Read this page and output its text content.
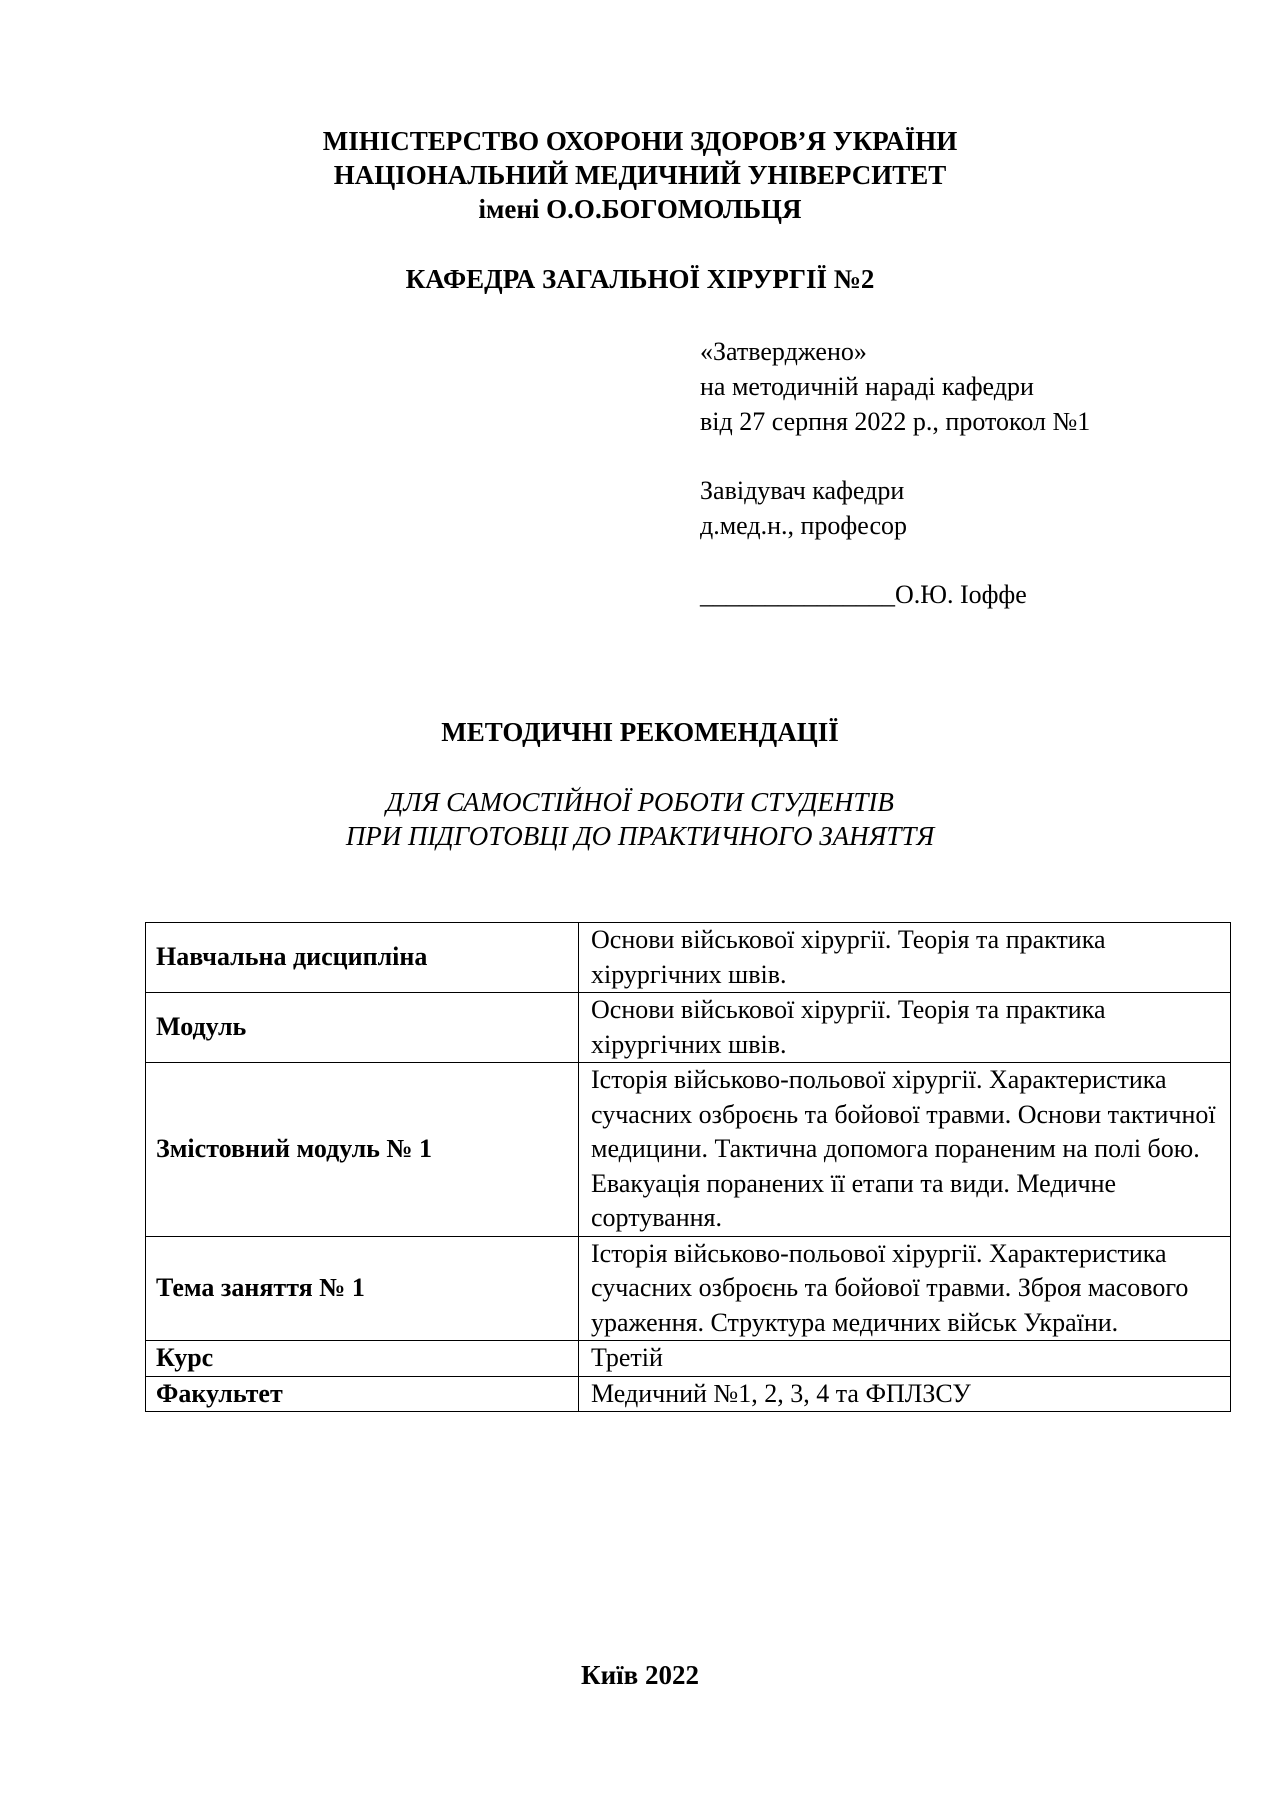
МІНІСТЕРСТВО ОХОРОНИ ЗДОРОВ’Я УКРАЇНИ
НАЦІОНАЛЬНИЙ МЕДИЧНИЙ УНІВЕРСИТЕТ
імені О.О.БОГОМОЛЬЦЯ
КАФЕДРА ЗАГАЛЬНОЇ ХІРУРГІЇ №2
«Затверджено»
на методичній нараді кафедри
від 27 серпня 2022 р., протокол №1
Завідувач кафедри
д.мед.н., професор
_______________О.Ю. Іоффе
МЕТОДИЧНІ РЕКОМЕНДАЦІЇ
ДЛЯ САМОСТІЙНОЇ РОБОТИ СТУДЕНТІВ
ПРИ ПІДГОТОВЦІ ДО ПРАКТИЧНОГО ЗАНЯТТЯ
Навчальна дисципліна	Основи військової хірургії. Теорія та практика хірургічних швів.
Модуль	Основи військової хірургії. Теорія та практика хірургічних швів.
Змістовний модуль № 1	Історія військово-польової хірургії. Характеристика сучасних озброєнь та бойової травми. Основи тактичної медицини. Тактична допомога пораненим на полі бою. Евакуація поранених її етапи та види. Медичне сортування.
Тема заняття № 1	Історія військово-польової хірургії. Характеристика сучасних озброєнь та бойової травми. Зброя масового ураження. Структура медичних військ України.
Курс	Третій
Факультет	Медичний №1, 2, 3, 4 та ФПЛЗСУ
Київ 2022
